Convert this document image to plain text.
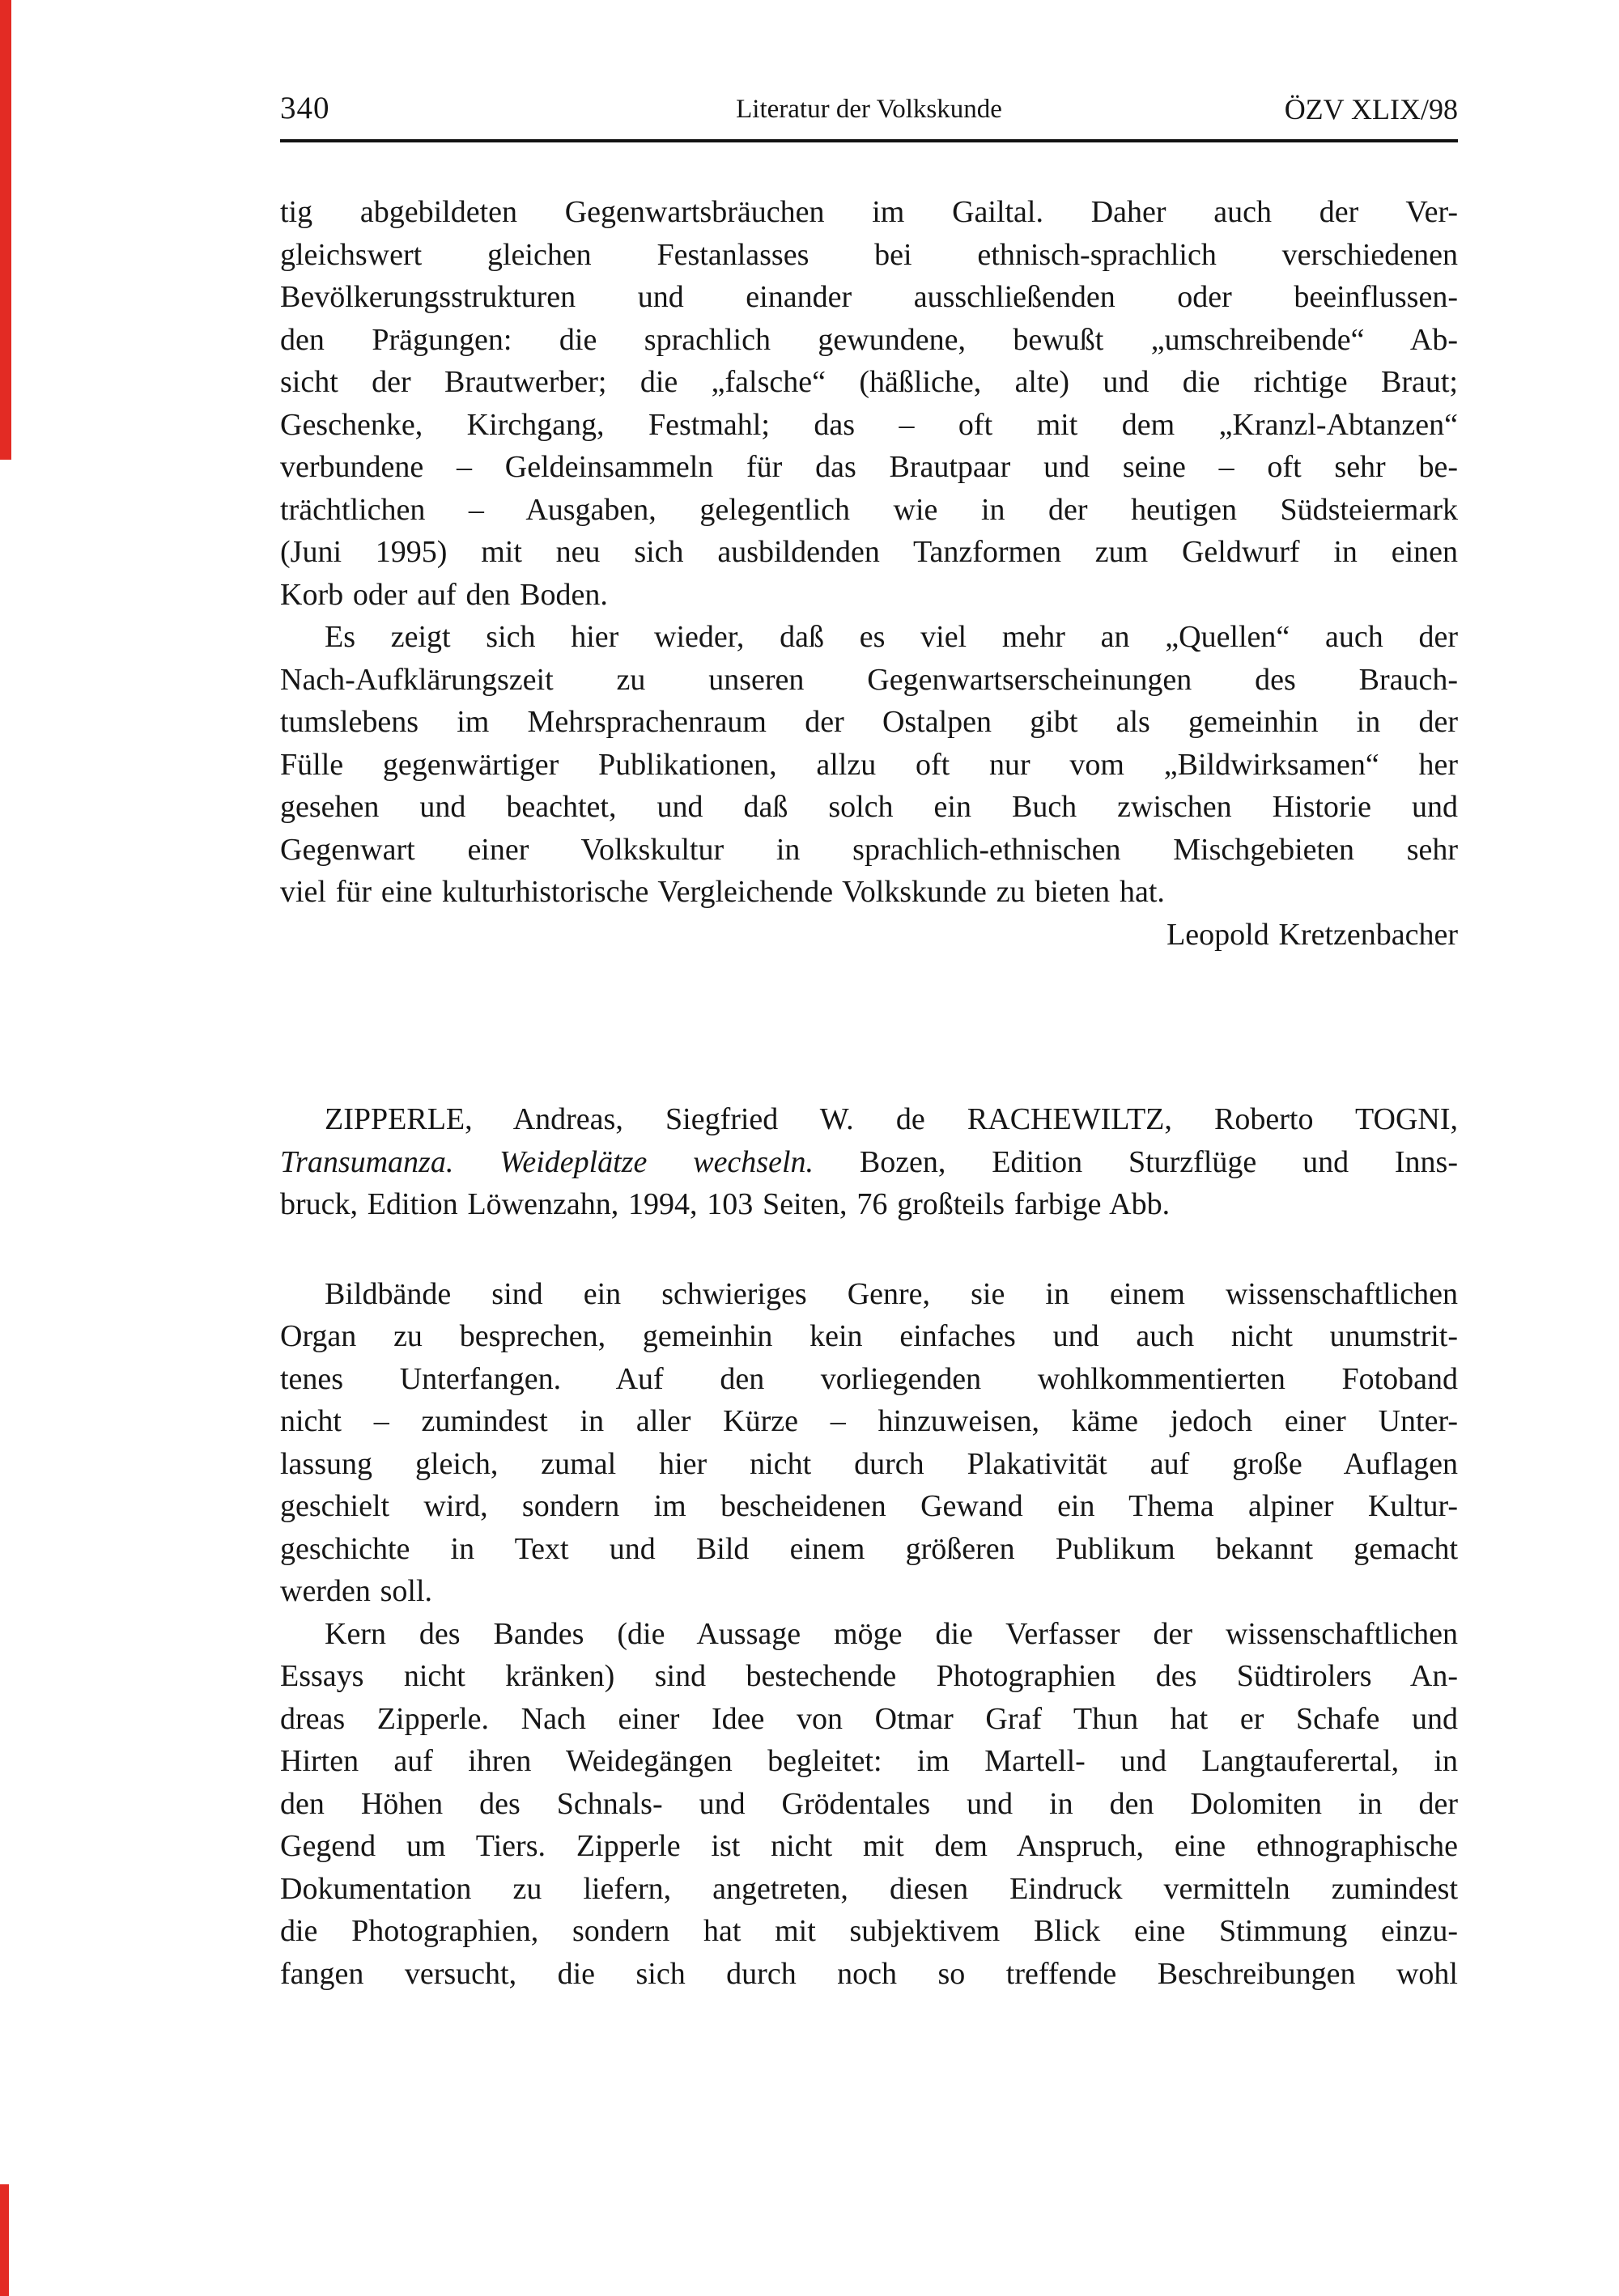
340	Literatur der Volkskunde	ÖZV XLIX/98
tig abgebildeten Gegenwartsbräuchen im Gailtal. Daher auch der Ver-
gleichswert gleichen Festanlasses bei ethnisch-sprachlich verschiedenen
Bevölkerungsstrukturen und einander ausschließenden oder beeinflussen-
den Prägungen: die sprachlich gewundene, bewußt „umschreibende“ Ab-
sicht der Brautwerber; die „falsche“ (häßliche, alte) und die richtige Braut;
Geschenke, Kirchgang, Festmahl; das – oft mit dem „Kranzl-Abtanzen“
verbundene – Geldeinsammeln für das Brautpaar und seine – oft sehr be-
trächtlichen – Ausgaben, gelegentlich wie in der heutigen Südsteiermark
(Juni 1995) mit neu sich ausbildenden Tanzformen zum Geldwurf in einen
Korb oder auf den Boden.
Es zeigt sich hier wieder, daß es viel mehr an „Quellen“ auch der
Nach-Aufklärungszeit zu unseren Gegenwartserscheinungen des Brauch-
tumslebens im Mehrsprachenraum der Ostalpen gibt als gemeinhin in der
Fülle gegenwärtiger Publikationen, allzu oft nur vom „Bildwirksamen“ her
gesehen und beachtet, und daß solch ein Buch zwischen Historie und
Gegenwart einer Volkskultur in sprachlich-ethnischen Mischgebieten sehr
viel für eine kulturhistorische Vergleichende Volkskunde zu bieten hat.
Leopold Kretzenbacher
ZIPPERLE, Andreas, Siegfried W. de RACHEWILTZ, Roberto TOGNI,
Transumanza. Weideplätze wechseln. Bozen, Edition Sturzflüge und Inns-
bruck, Edition Löwenzahn, 1994, 103 Seiten, 76 großteils farbige Abb.
Bildbände sind ein schwieriges Genre, sie in einem wissenschaftlichen
Organ zu besprechen, gemeinhin kein einfaches und auch nicht unumstrit-
tenes Unterfangen. Auf den vorliegenden wohlkommentierten Fotoband
nicht – zumindest in aller Kürze – hinzuweisen, käme jedoch einer Unter-
lassung gleich, zumal hier nicht durch Plakativität auf große Auflagen
geschielt wird, sondern im bescheidenen Gewand ein Thema alpiner Kultur-
geschichte in Text und Bild einem größeren Publikum bekannt gemacht
werden soll.
Kern des Bandes (die Aussage möge die Verfasser der wissenschaftlichen
Essays nicht kränken) sind bestechende Photographien des Südtirolers An-
dreas Zipperle. Nach einer Idee von Otmar Graf Thun hat er Schafe und
Hirten auf ihren Weidegängen begleitet: im Martell- und Langtauferertal, in
den Höhen des Schnals- und Grödentales und in den Dolomiten in der
Gegend um Tiers. Zipperle ist nicht mit dem Anspruch, eine ethnographische
Dokumentation zu liefern, angetreten, diesen Eindruck vermitteln zumindest
die Photographien, sondern hat mit subjektivem Blick eine Stimmung einzu-
fangen versucht, die sich durch noch so treffende Beschreibungen wohl
